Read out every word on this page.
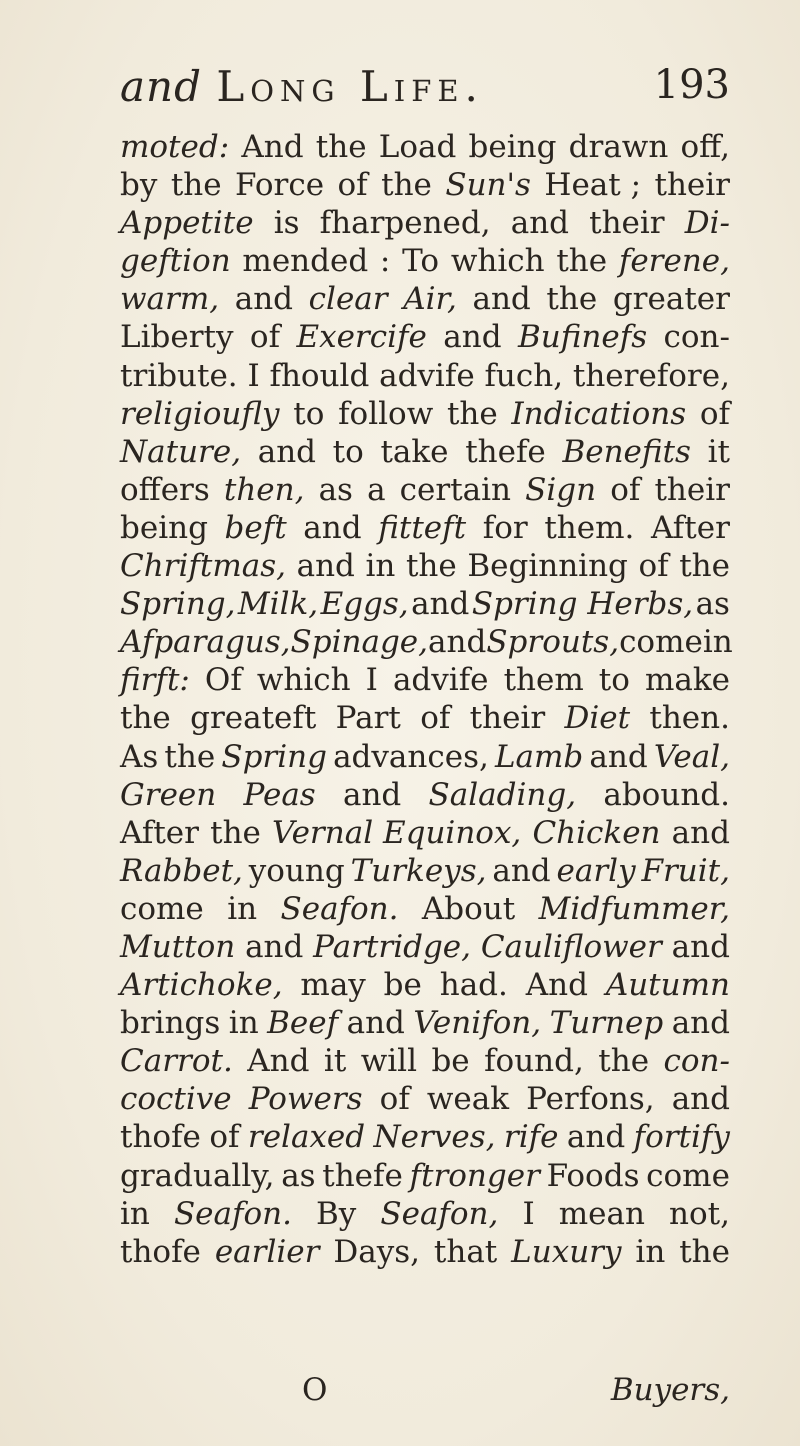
and Long Life.	193
moted: And the Load being drawn off,
by the Force of the Sun's Heat ; their
Appetite is fharpened, and their Di-
geftion mended : To which the ferene,
warm, and clear Air, and the greater
Liberty of Exercife and Bufinefs con-
tribute. I fhould advife fuch, therefore,
religioufly to follow the Indications of
Nature, and to take thefe Benefits it
offers then, as a certain Sign of their
being beft and fitteft for them. After
Chriftmas, and in the Beginning of the
Spring, Milk, Eggs, and Spring Herbs, as
Afparagus, Spinage, and Sprouts, come in
firft: Of which I advife them to make
the greateft Part of their Diet then.
As the Spring advances, Lamb and Veal,
Green Peas and Salading, abound.
After the Vernal Equinox, Chicken and
Rabbet, young Turkeys, and early Fruit,
come in Seafon. About Midfummer,
Mutton and Partridge, Cauliflower and
Artichoke, may be had. And Autumn
brings in Beef and Venifon, Turnep and
Carrot. And it will be found, the con-
coctive Powers of weak Perfons, and
thofe of relaxed Nerves, rife and fortify
gradually, as thefe ftronger Foods come
in Seafon. By Seafon, I mean not,
thofe earlier Days, that Luxury in the
O	Buyers,
